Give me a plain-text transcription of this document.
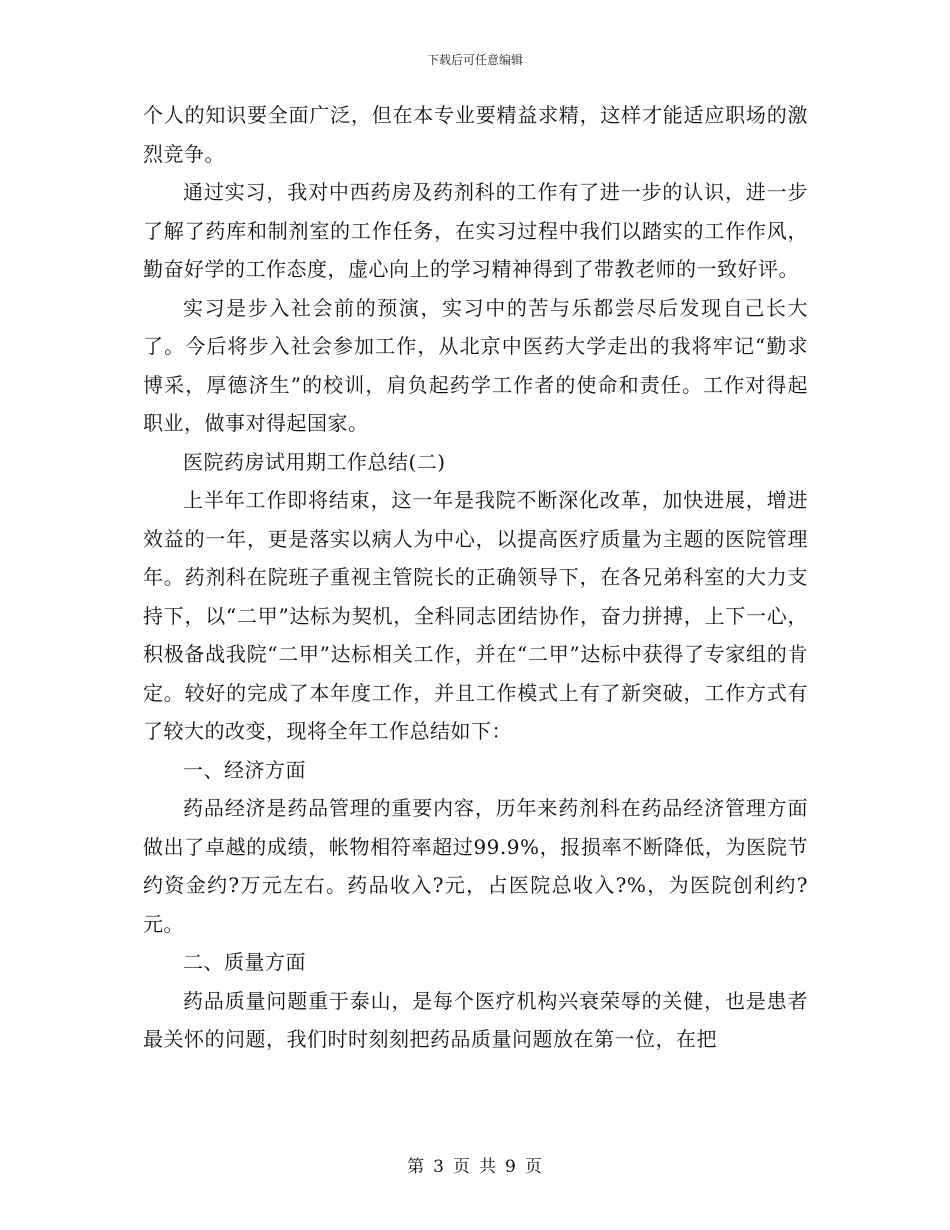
下载后可任意编辑

个人的知识要全面广泛，但在本专业要精益求精，这样才能适应职场的激烈竞争。

通过实习，我对中西药房及药剂科的工作有了进一步的认识，进一步了解了药库和制剂室的工作任务，在实习过程中我们以踏实的工作作风，勤奋好学的工作态度，虚心向上的学习精神得到了带教老师的一致好评。

实习是步入社会前的预演，实习中的苦与乐都尝尽后发现自己长大了。今后将步入社会参加工作，从北京中医药大学走出的我将牢记“勤求博采，厚德济生”的校训，肩负起药学工作者的使命和责任。工作对得起职业，做事对得起国家。

医院药房试用期工作总结(二)

上半年工作即将结束，这一年是我院不断深化改革，加快进展，增进效益的一年，更是落实以病人为中心，以提高医疗质量为主题的医院管理年。药剂科在院班子重视主管院长的正确领导下，在各兄弟科室的大力支持下，以“二甲”达标为契机，全科同志团结协作，奋力拼搏，上下一心，积极备战我院“二甲”达标相关工作，并在“二甲”达标中获得了专家组的肯定。较好的完成了本年度工作，并且工作模式上有了新突破，工作方式有了较大的改变，现将全年工作总结如下：

一、经济方面

药品经济是药品管理的重要内容，历年来药剂科在药品经济管理方面做出了卓越的成绩，帐物相符率超过99.9%，报损率不断降低，为医院节约资金约?万元左右。药品收入?元，占医院总收入?%，为医院创利约?元。

二、质量方面

药品质量问题重于泰山，是每个医疗机构兴衰荣辱的关健，也是患者最关怀的问题，我们时时刻刻把药品质量问题放在第一位，在把

第 3 页 共 9 页
